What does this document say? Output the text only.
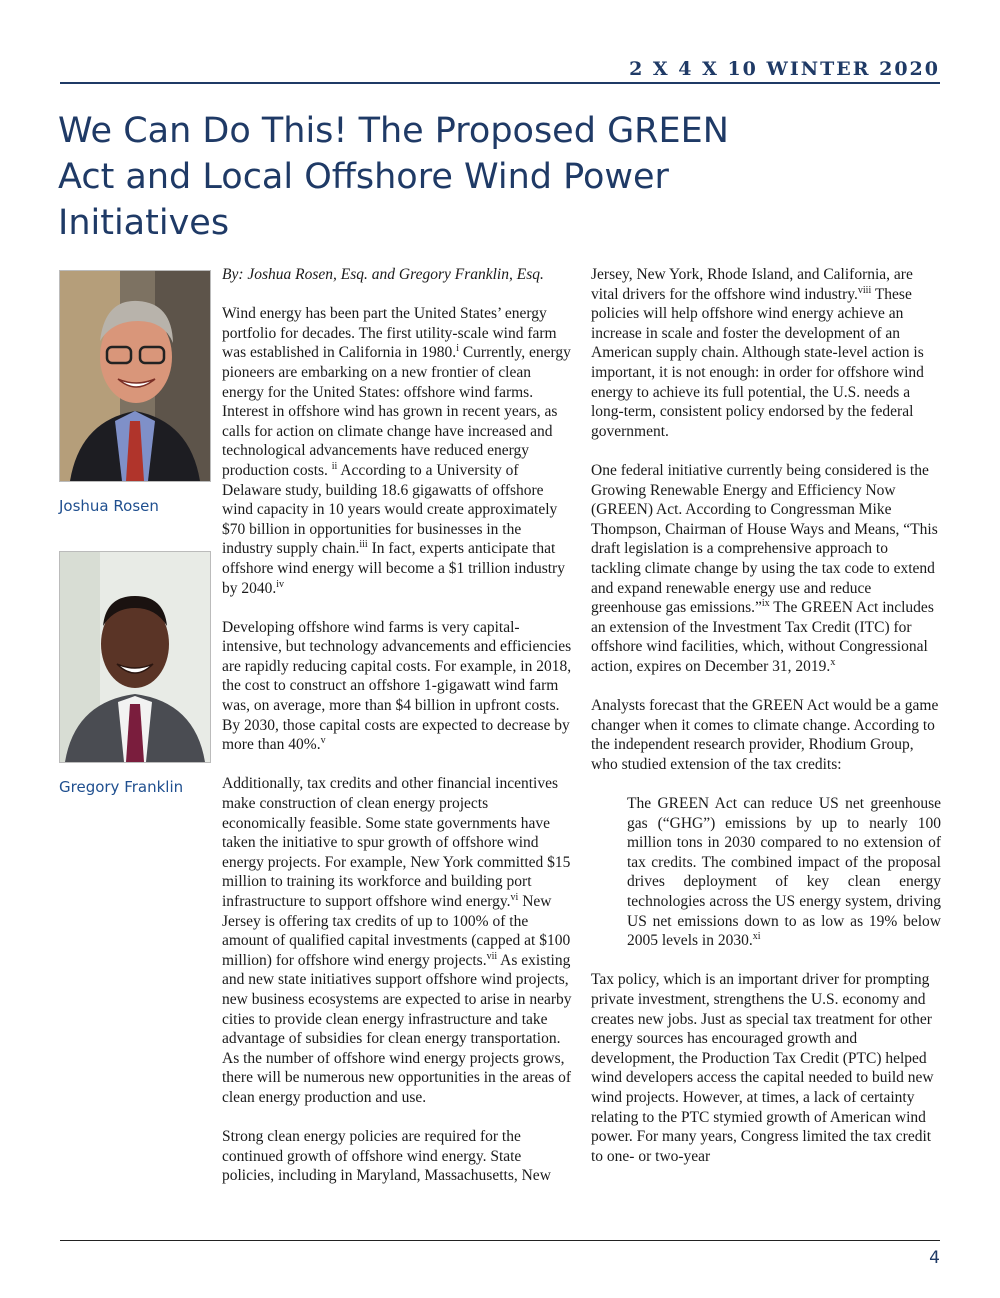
2 X 4 X 10 WINTER 2020
We Can Do This! The Proposed GREEN
Act and Local Offshore Wind Power
Initiatives
Joshua Rosen
Gregory Franklin

By: Joshua Rosen, Esq. and Gregory Franklin, Esq.

Wind energy has been part the United States’ energy portfolio for decades. The first utility-scale wind farm was established in California in 1980.$^i$ Currently, energy pioneers are embarking on a new frontier of clean energy for the United States: offshore wind farms. Interest in offshore wind has grown in recent years, as calls for action on climate change have increased and technological advancements have reduced energy production costs. $^{ii}$ According to a University of Delaware study, building 18.6 gigawatts of offshore wind capacity in 10 years would create approximately $70 billion in opportunities for businesses in the industry supply chain.$^{iii}$ In fact, experts anticipate that offshore wind energy will become a $1 trillion industry by 2040.$^{iv}$

Developing offshore wind farms is very capital-intensive, but technology advancements and efficiencies are rapidly reducing capital costs. For example, in 2018, the cost to construct an offshore 1-gigawatt wind farm was, on average, more than $4 billion in upfront costs. By 2030, those capital costs are expected to decrease by more than 40%.$^v$

Additionally, tax credits and other financial incentives make construction of clean energy projects economically feasible. Some state governments have taken the initiative to spur growth of offshore wind energy projects. For example, New York committed $15 million to training its workforce and building port infrastructure to support offshore wind energy.$^{vi}$ New Jersey is offering tax credits of up to 100% of the amount of qualified capital investments (capped at $100 million) for offshore wind energy projects.$^{vii}$ As existing and new state initiatives support offshore wind projects, new business ecosystems are expected to arise in nearby cities to provide clean energy infrastructure and take advantage of subsidies for clean energy transportation. As the number of offshore wind energy projects grows, there will be numerous new opportunities in the areas of clean energy production and use.

Strong clean energy policies are required for the continued growth of offshore wind energy. State policies, including in Maryland, Massachusetts, New

Jersey, New York, Rhode Island, and California, are vital drivers for the offshore wind industry.$^{viii}$ These policies will help offshore wind energy achieve an increase in scale and foster the development of an American supply chain. Although state-level action is important, it is not enough: in order for offshore wind energy to achieve its full potential, the U.S. needs a long-term, consistent policy endorsed by the federal government.

One federal initiative currently being considered is the Growing Renewable Energy and Efficiency Now (GREEN) Act. According to Congressman Mike Thompson, Chairman of House Ways and Means, “This draft legislation is a comprehensive approach to tackling climate change by using the tax code to extend and expand renewable energy use and reduce greenhouse gas emissions.”$^{ix}$ The GREEN Act includes an extension of the Investment Tax Credit (ITC) for offshore wind facilities, which, without Congressional action, expires on December 31, 2019.$^x$

Analysts forecast that the GREEN Act would be a game changer when it comes to climate change. According to the independent research provider, Rhodium Group, who studied extension of the tax credits:

The GREEN Act can reduce US net greenhouse gas (“GHG”) emissions by up to nearly 100 million tons in 2030 compared to no extension of tax credits. The combined impact of the proposal drives deployment of key clean energy technologies across the US energy system, driving US net emissions down to as low as 19% below 2005 levels in 2030.$^{xi}$

Tax policy, which is an important driver for prompting private investment, strengthens the U.S. economy and creates new jobs. Just as special tax treatment for other energy sources has encouraged growth and development, the Production Tax Credit (PTC) helped wind developers access the capital needed to build new wind projects. However, at times, a lack of certainty relating to the PTC stymied growth of American wind power. For many years, Congress limited the tax credit to one- or two-year

4
